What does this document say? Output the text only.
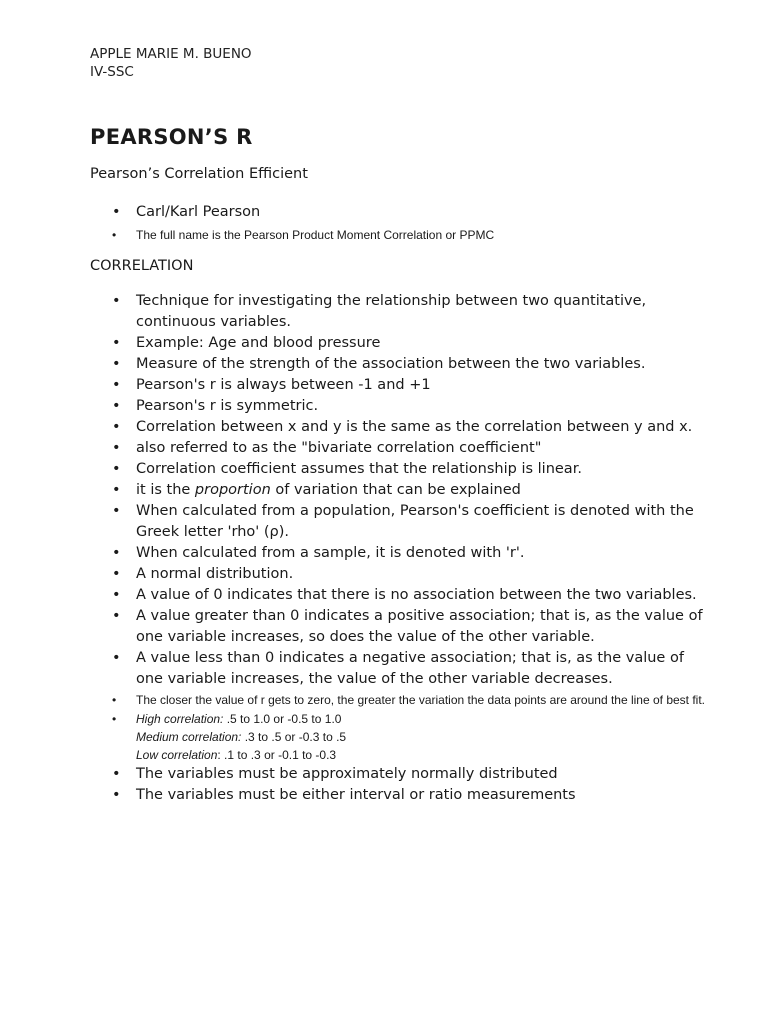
APPLE MARIE M. BUENO
IV-SSC
PEARSON’S R

Pearson’s Correlation Efficient

• Carl/Karl Pearson
• The full name is the Pearson Product Moment Correlation or PPMC

CORRELATION

• Technique for investigating the relationship between two quantitative, continuous variables.
• Example: Age and blood pressure
• Measure of the strength of the association between the two variables.
• Pearson's r is always between -1 and +1
• Pearson's r is symmetric.
• Correlation between x and y is the same as the correlation between y and x.
• also referred to as the "bivariate correlation coefficient"
• Correlation coefficient assumes that the relationship is linear.
• it is the proportion of variation that can be explained
• When calculated from a population, Pearson's coefficient is denoted with the Greek letter 'rho' (ρ).
• When calculated from a sample, it is denoted with 'r'.
• A normal distribution.
• A value of 0 indicates that there is no association between the two variables.
• A value greater than 0 indicates a positive association; that is, as the value of one variable increases, so does the value of the other variable.
• A value less than 0 indicates a negative association; that is, as the value of one variable increases, the value of the other variable decreases.
• The closer the value of r gets to zero, the greater the variation the data points are around the line of best fit.
• High correlation: .5 to 1.0 or -0.5 to 1.0
Medium correlation: .3 to .5 or -0.3 to .5
Low correlation: .1 to .3 or -0.1 to -0.3
• The variables must be approximately normally distributed
• The variables must be either interval or ratio measurements
